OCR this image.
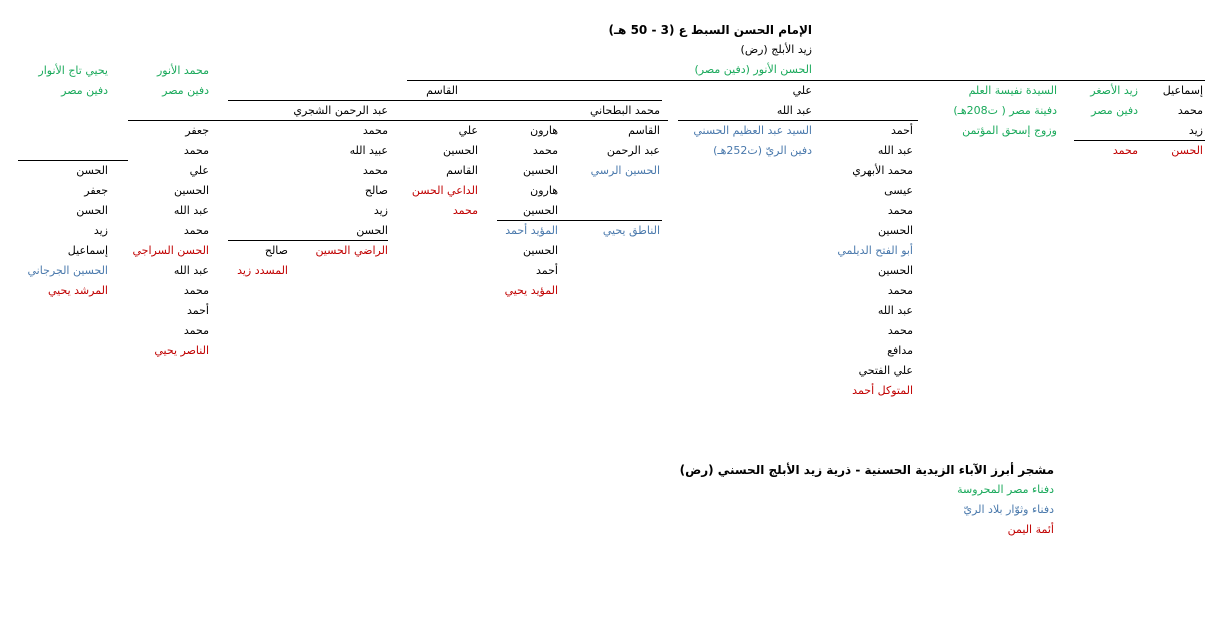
الإمام الحسن السبط ع (3 - 50 هـ)
زيد الأبلج (رض)
الحسن الأنور (دفين مصر)
يحيي تاج الأنوار
دفين مصر
الحسن
جعفر
الحسن
زيد
إسماعيل
الحسين الجرجاني
المرشد يحيي
محمد الأنور
دفين مصر
جعفر
محمد
علي
الحسين
عبد الله
محمد
الحسن السراجي
عبد الله
محمد
أحمد
محمد
الناصر يحيي
القاسم
عبد الرحمن الشجري
محمد
عبيد الله
محمد
صالح
زيد
الحسن
الراضي الحسين
صالح
المسدد زيد
علي
الحسين
القاسم
الداعي الحسن
محمد
محمد البطحاني
هارون
محمد
الحسين
هارون
الحسين
المؤيد أحمد
الحسين
أحمد
المؤيد يحيي
القاسم
عبد الرحمن
الحسين الرسي
الناطق يحيي
علي
عبد الله
السيد عبد العظيم الحسني
دفين الريّ (ت252هـ)
أحمد
عبد الله
محمد الأبهري
عيسى
محمد
الحسين
أبو الفتح الديلمي
الحسين
محمد
عبد الله
محمد
مدافع
علي الفتحي
المتوكل أحمد
السيدة نفيسة العلم
دفينة مصر ( ت208هـ)
وزوج إسحق المؤتمن
زيد الأصغر
دفين مصر
محمد
إسماعيل
محمد
زيد
الحسن
مشجر أبرز الآباء الزيدية الحسنية - ذرية زيد الأبلج الحسني (رض)
دفناء مصر المحروسة
دفناء وثوّار بلاد الريّ
أئمة اليمن
